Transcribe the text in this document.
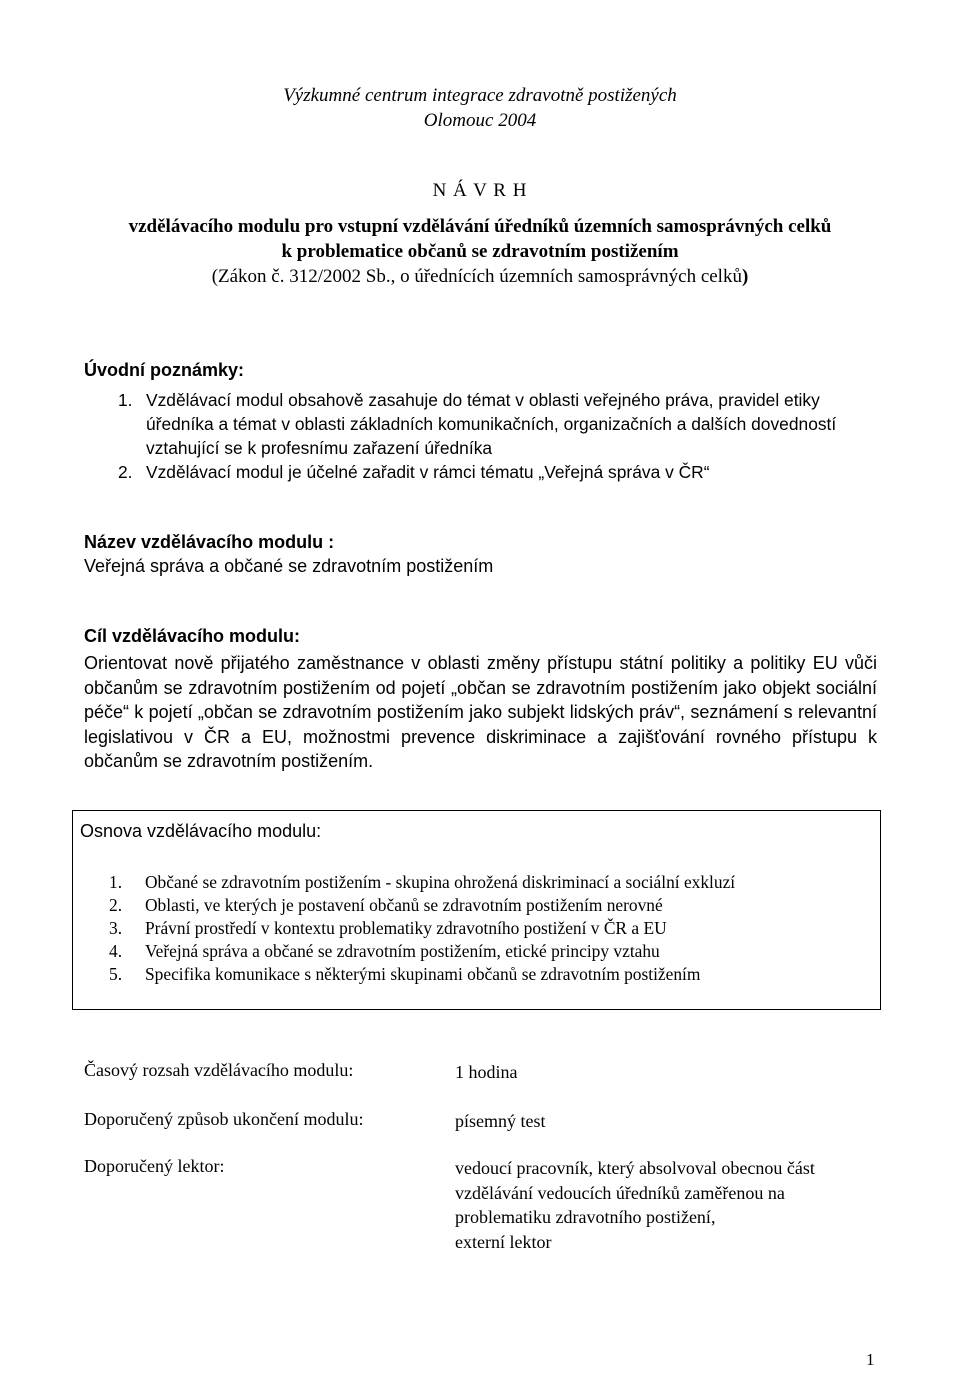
Výzkumné centrum integrace zdravotně postižených
Olomouc 2004
N Á V R H
vzdělávacího modulu pro vstupní vzdělávání úředníků územních samosprávných celků
k problematice občanů se zdravotním postižením
(Zákon č. 312/2002 Sb., o úřednících územních samosprávných celků)
Úvodní poznámky:
1. Vzdělávací modul obsahově zasahuje do témat v oblasti veřejného práva, pravidel etiky úředníka a témat v oblasti základních komunikačních, organizačních a dalších dovedností vztahující se k profesnímu zařazení úředníka
2. Vzdělávací modul je účelné zařadit v rámci tématu „Veřejná správa v ČR“
Název vzdělávacího modulu :
Veřejná správa a občané se zdravotním postižením
Cíl vzdělávacího modulu:
Orientovat nově přijatého zaměstnance v oblasti změny přístupu státní politiky a politiky EU vůči občanům se zdravotním postižením od pojetí „občan se zdravotním postižením jako objekt sociální péče“ k pojetí „občan se zdravotním postižením jako subjekt lidských práv“, seznámení s relevantní legislativou v ČR a EU, možnostmi prevence diskriminace a zajišťování rovného přístupu k občanům se zdravotním postižením.
Osnova vzdělávacího modulu:
1. Občané se zdravotním postižením - skupina ohrožená diskriminací a sociální exkluzí
2. Oblasti, ve kterých je postavení občanů se zdravotním postižením nerovné
3. Právní prostředí v kontextu problematiky zdravotního postižení v ČR a EU
4. Veřejná správa a občané se zdravotním postižením, etické principy vztahu
5. Specifika komunikace s některými skupinami občanů se zdravotním postižením
Časový rozsah vzdělávacího modulu:	1 hodina
Doporučený způsob ukončení modulu:	písemný test
Doporučený lektor:	vedoucí pracovník, který absolvoval obecnou část
vzdělávání vedoucích úředníků zaměřenou na
problematiku zdravotního postižení,
externí lektor
1
